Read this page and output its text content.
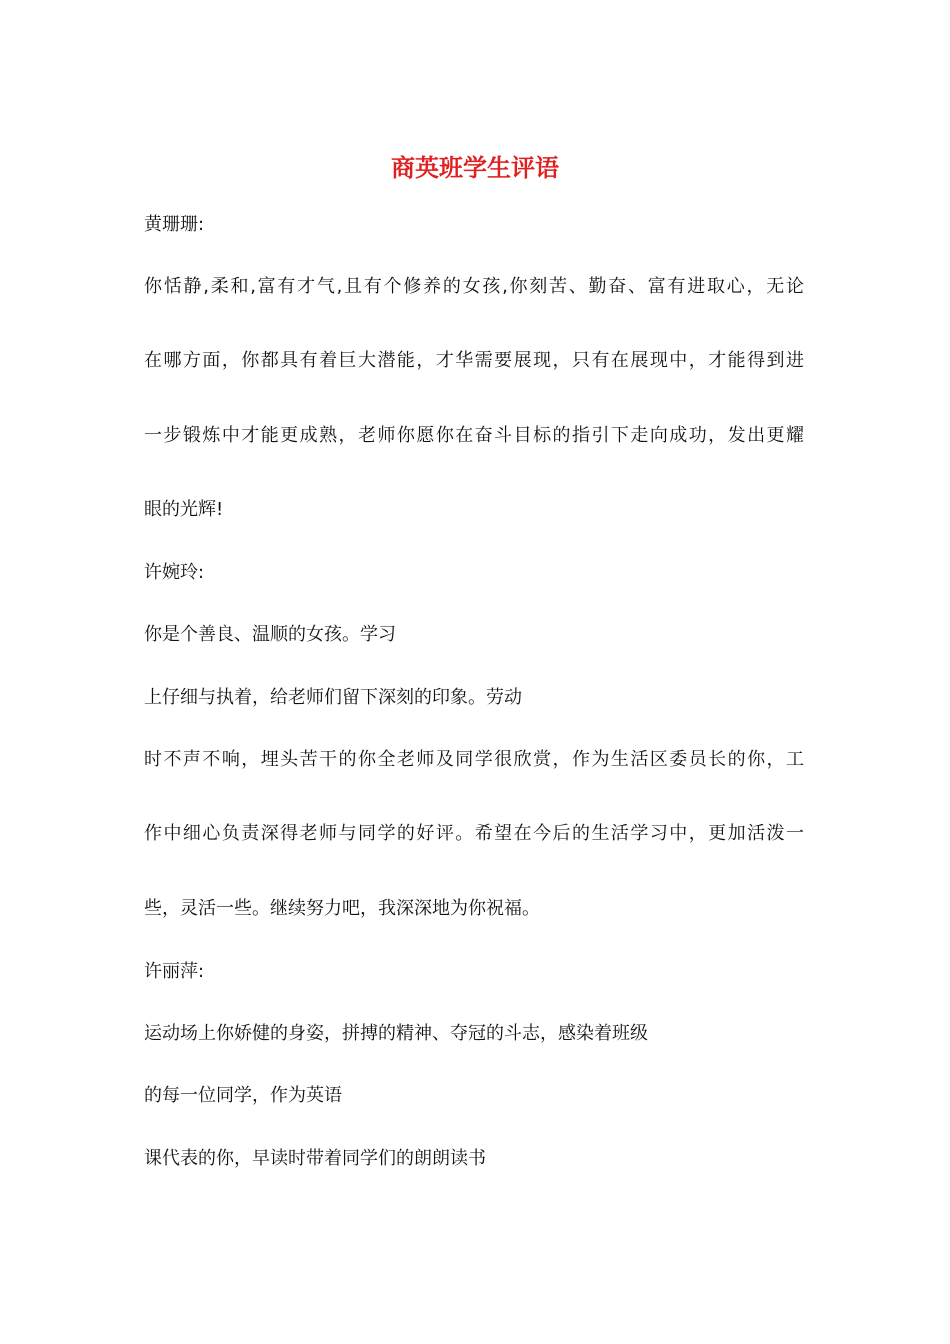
商英班学生评语

黄珊珊:

你恬静,柔和,富有才气,且有个修养的女孩,你刻苦、勤奋、富有进取心，无论

在哪方面，你都具有着巨大潜能，才华需要展现，只有在展现中，才能得到进

一步锻炼中才能更成熟，老师你愿你在奋斗目标的指引下走向成功，发出更耀

眼的光辉!

许婉玲:

你是个善良、温顺的女孩。学习

上仔细与执着，给老师们留下深刻的印象。劳动

时不声不响，埋头苦干的你全老师及同学很欣赏，作为生活区委员长的你，工

作中细心负责深得老师与同学的好评。希望在今后的生活学习中，更加活泼一

些，灵活一些。继续努力吧，我深深地为你祝福。

许丽萍:

运动场上你娇健的身姿，拼搏的精神、夺冠的斗志，感染着班级

的每一位同学，作为英语

课代表的你，早读时带着同学们的朗朗读书
